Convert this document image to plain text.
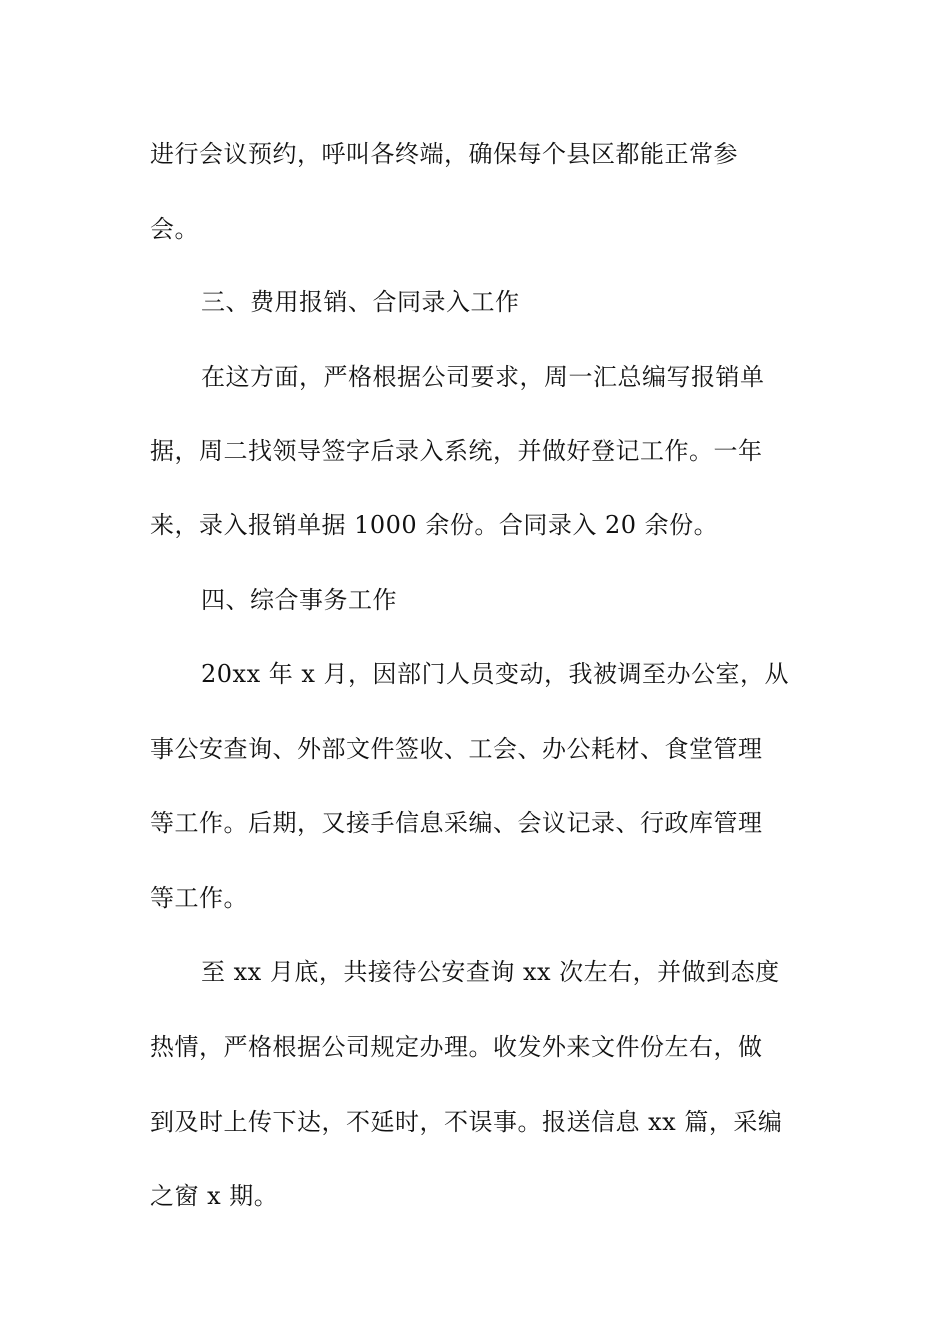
进行会议预约，呼叫各终端，确保每个县区都能正常参

会。

三、费用报销、合同录入工作

在这方面，严格根据公司要求，周一汇总编写报销单

据，周二找领导签字后录入系统，并做好登记工作。一年

来，录入报销单据 1000 余份。合同录入 20 余份。

四、综合事务工作

20xx 年 x 月，因部门人员变动，我被调至办公室，从

事公安查询、外部文件签收、工会、办公耗材、食堂管理

等工作。后期，又接手信息采编、会议记录、行政库管理

等工作。

至 xx 月底，共接待公安查询 xx 次左右，并做到态度

热情，严格根据公司规定办理。收发外来文件份左右，做

到及时上传下达，不延时，不误事。报送信息 xx 篇，采编

之窗 x 期。
